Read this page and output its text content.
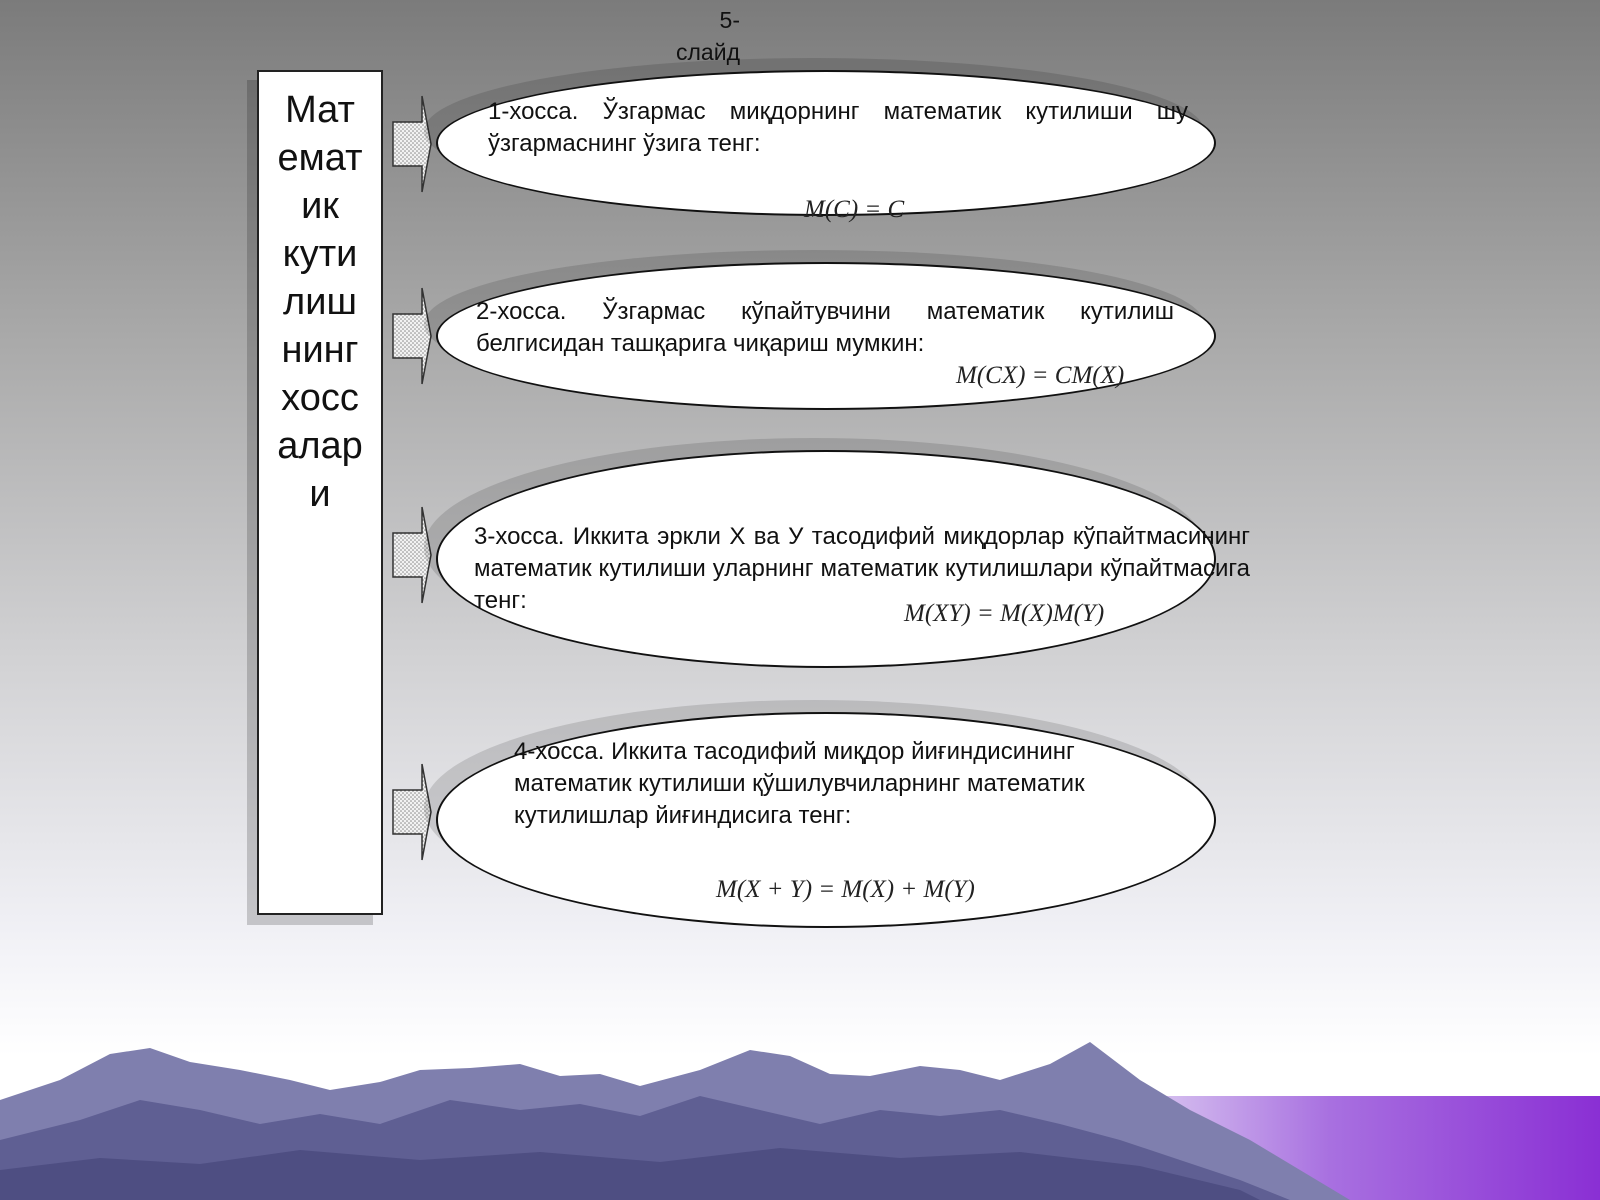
5-
слайд
Мат
емат
ик
кути
лиш
нинг
хосс
алар
и
1-хосса. Ўзгармас миқдорнинг математик кутилиши шу ўзгармаснинг ўзига тенг:
M(C) = C
2-хосса. Ўзгармас кўпайтувчини математик кутилиш белгисидан ташқарига чиқариш мумкин:
M(CX) = CM(X)
3-хосса. Иккита эркли X ва У тасодифий миқдорлар кўпайтмасининг математик кутилиши уларнинг математик кутилишлари кўпайтмасига тенг:	M(XY) = M(X)M(Y)
4-хосса. Иккита тасодифий миқдор йиғиндисининг математик кутилиши қўшилувчиларнинг математик кутилишлар йиғиндисига тенг:
M(X + Y) = M(X) + M(Y)
